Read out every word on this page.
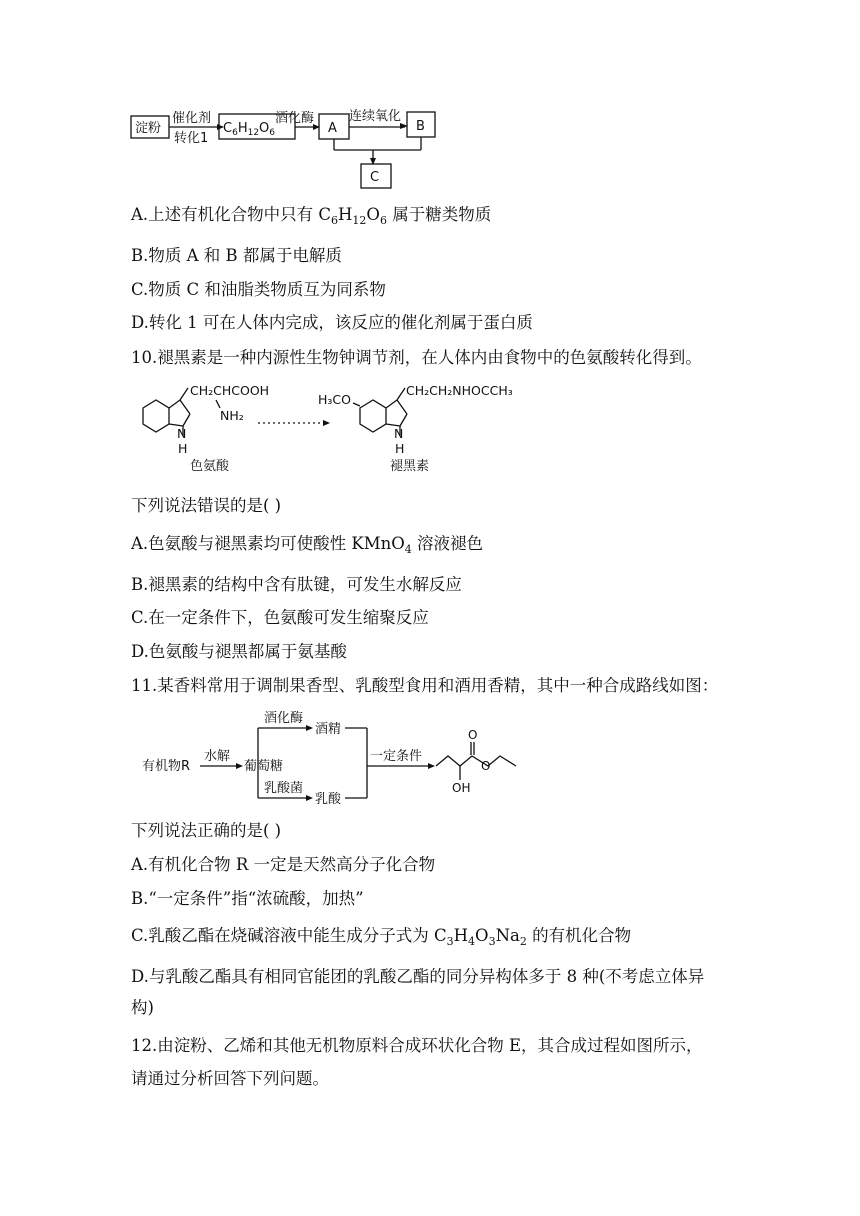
淀粉
催化剂
转化1
$C_6H_{12}O_6$
酒化酶
A
连续氧化
B
C
A.上述有机化合物中只有 $C_6H_{12}O_6$ 属于糖类物质
B.物质 A 和 B 都属于电解质
C.物质 C 和油脂类物质互为同系物
D.转化 1 可在人体内完成，该反应的催化剂属于蛋白质
10.褪黑素是一种内源性生物钟调节剂，在人体内由食物中的色氨酸转化得到。
CH₂CHCOOH
NH₂
N
H
色氨酸
H₃CO
CH₂CH₂NHOCCH₃
N
H
褪黑素
下列说法错误的是( )
A.色氨酸与褪黑素均可使酸性 KMnO$_4$ 溶液褪色
B.褪黑素的结构中含有肽键，可发生水解反应
C.在一定条件下，色氨酸可发生缩聚反应
D.色氨酸与褪黑都属于氨基酸
11.某香料常用于调制果香型、乳酸型食用和酒用香精，其中一种合成路线如图：
有机物R
水解
葡萄糖
酒化酶
酒精
乳酸菌
乳酸
一定条件
O
O
OH
下列说法正确的是( )
A.有机化合物 R 一定是天然高分子化合物
B.“一定条件”指“浓硫酸，加热”
C.乳酸乙酯在烧碱溶液中能生成分子式为 $C_3H_4O_3Na_2$ 的有机化合物
D.与乳酸乙酯具有相同官能团的乳酸乙酯的同分异构体多于 8 种(不考虑立体异
构)
12.由淀粉、乙烯和其他无机物原料合成环状化合物 E，其合成过程如图所示，
请通过分析回答下列问题。
